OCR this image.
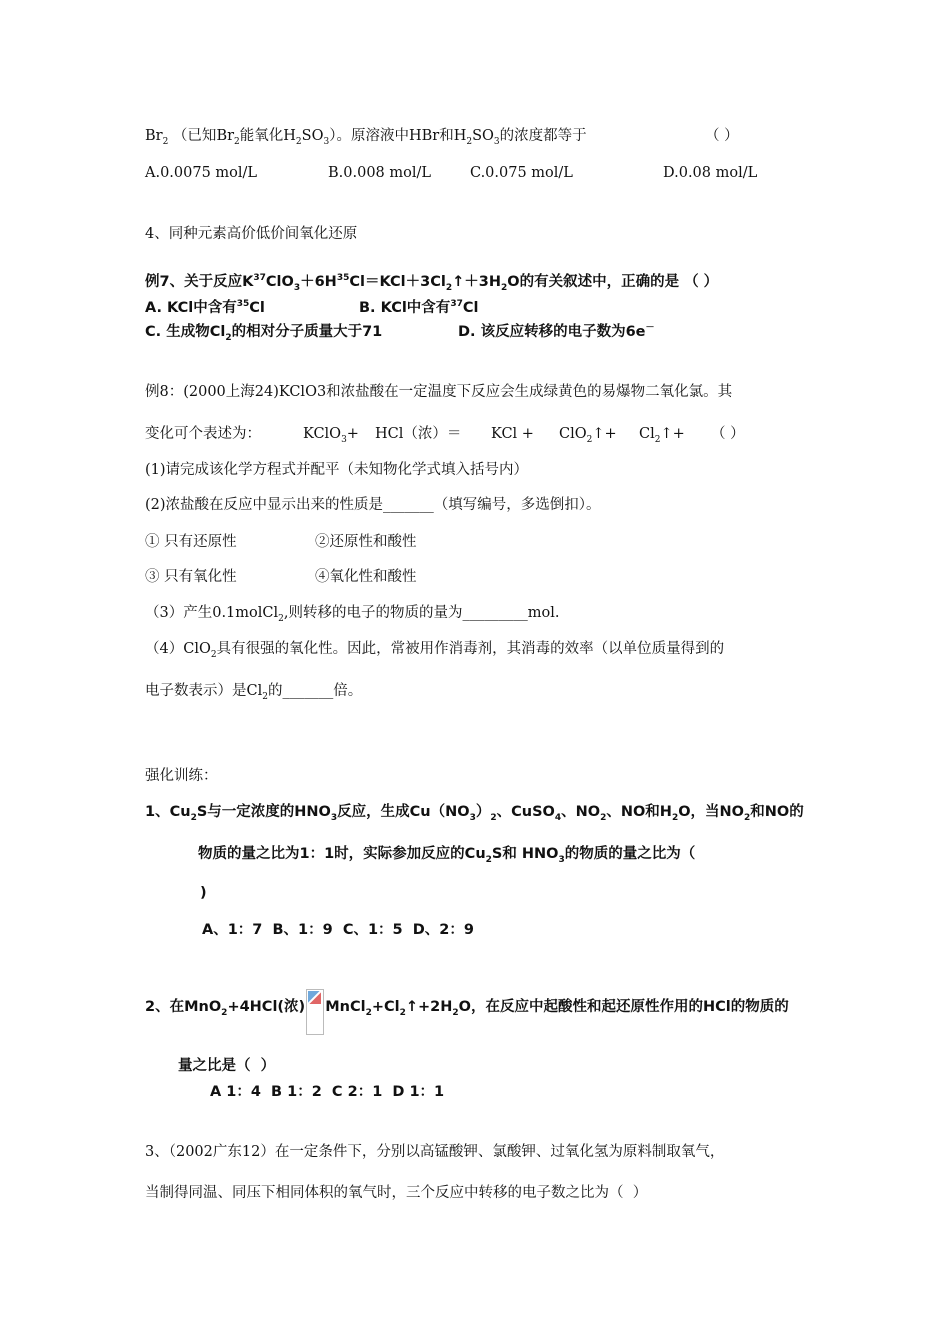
$Br_2$ （已知$Br_2$能氧化$H_2SO_3$）。原溶液中HBr和$H_2SO_3$的浓度都等于	（ ）
A.0.0075 mol/L	B.0.008 mol/L	C.0.075 mol/L	D.0.08 mol/L
4、同种元素高价低价间氧化还原
例7、关于反应$K^{37}ClO_3+6H^{35}Cl=KCl+3Cl_2↑+3H_2O$的有关叙述中，正确的是 （ ）
A. KCl中含有$^{35}$Cl	B. KCl中含有$^{37}$Cl
C. 生成物$Cl_2$的相对分子质量大于71	D. 该反应转移的电子数为6e－
例8：(2000上海24)KClO3和浓盐酸在一定温度下反应会生成绿黄色的易爆物二氧化氯。其
变化可个表述为：	KClO$_3$+ HCl（浓）＝ KCl + ClO$_2$↑+ $Cl_2↑+$ （ ）
(1)请完成该化学方程式并配平（未知物化学式填入括号内）
(2)浓盐酸在反应中显示出来的性质是_______（填写编号，多选倒扣）。
① 只有还原性	②还原性和酸性
③ 只有氧化性	④氧化性和酸性
（3）产生0.1molCl$_2$,则转移的电子的物质的量为_________mol.
（4）ClO$_2$具有很强的氧化性。因此，常被用作消毒剂，其消毒的效率（以单位质量得到的
电子数表示）是$Cl_2$的_______倍。
强化训练：
1、$Cu_2S$与一定浓度的$HNO_3$反应，生成$Cu(NO_3)_2$、CuSO$_4$、$NO_2$、NO和$H_2O$，当$NO_2$和NO的
物质的量之比为1：1时，实际参加反应的$Cu_2S$和 $HNO_3$的物质的量之比为（
)
A、1：7  B、1：9  C、1：5  D、2：9
2、在MnO$_2$+4HCl(浓) $MnCl_2+Cl_2↑+2H_2O$，在反应中起酸性和起还原性作用的HCl的物质的
量之比是（  ）
A 1：4  B 1：2  C 2：1  D 1：1
3、（2002广东12）在一定条件下，分别以高锰酸钾、氯酸钾、过氧化氢为原料制取氧气，
当制得同温、同压下相同体积的氧气时，三个反应中转移的电子数之比为（  ）
